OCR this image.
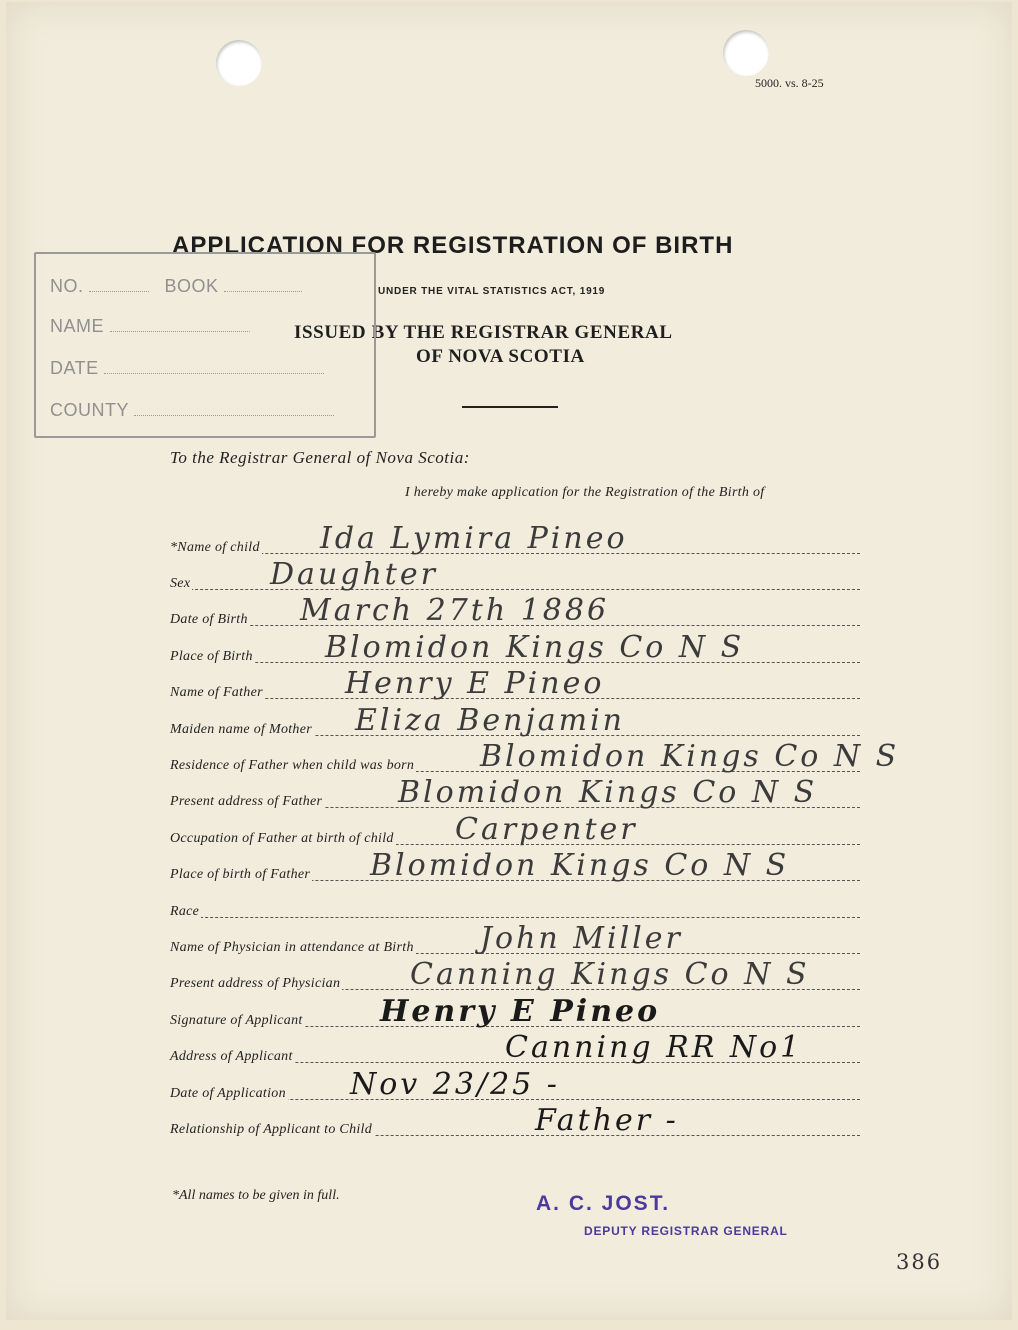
5000. vs. 8-25
APPLICATION FOR REGISTRATION OF BIRTH
UNDER THE VITAL STATISTICS ACT, 1919
ISSUED BY THE REGISTRAR GENERAL
OF NOVA SCOTIA
NO.	BOOK
NAME
DATE
COUNTY
To the Registrar General of Nova Scotia:
I hereby make application for the Registration of the Birth of
*Name of child Ida Lymira Pineo
Sex	Daughter
Date of Birth March 27th 1886
Place of Birth Blomidon Kings Co N S
Name of Father	Henry E Pineo
Maiden name of Mother Eliza Benjamin
Residence of Father when child was born Blomidon Kings Co N S
Present address of Father	Blomidon Kings Co N S
Occupation of Father at birth of child Carpenter
Place of birth of Father Blomidon Kings Co N S
Race
Name of Physician in attendance at Birth John Miller
Present address of Physician Canning Kings Co N S
Signature of Applicant	Henry E Pineo
Address of Applicant	Canning RR No1
Date of Application Nov 23/25 -
Relationship of Applicant to Child	Father -
*All names to be given in full.	A. C. JOST.
DEPUTY REGISTRAR GENERAL
386
